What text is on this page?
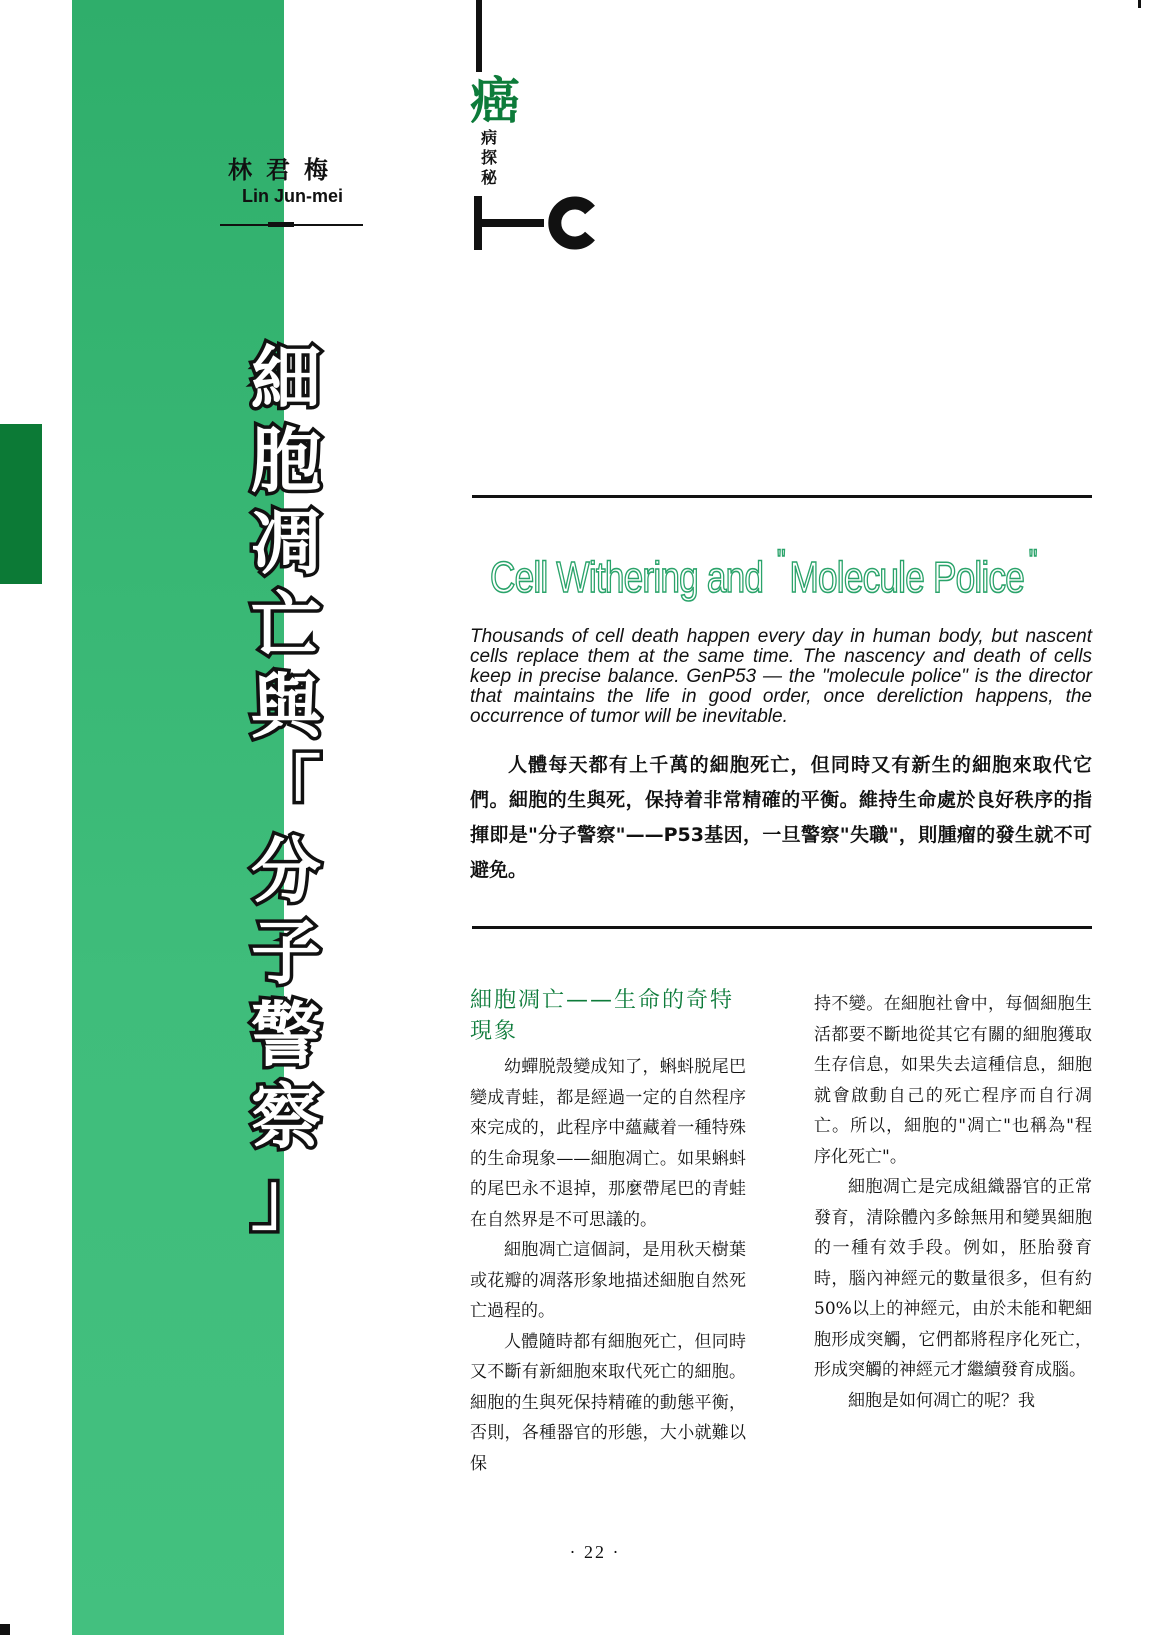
林君梅
Lin Jun-mei
細
胞
凋
亡
與
「
分
子
警
察
」
癌
病探秘
Cell Withering and " Molecule Police "

Thousands of cell death happen every day in human body, but nascent cells replace them at the same time. The nascency and death of cells keep in precise balance. GenP53 — the "molecule police" is the director that maintains the life in good order, once dereliction happens, the occurrence of tumor will be inevitable.

人體每天都有上千萬的細胞死亡，但同時又有新生的細胞來取代它們。細胞的生與死，保持着非常精確的平衡。維持生命處於良好秩序的指揮即是"分子警察"——P53基因，一旦警察"失職"，則腫瘤的發生就不可避免。

細胞凋亡——生命的奇特現象

幼蟬脱殼變成知了，蝌蚪脱尾巴變成青蛙，都是經過一定的自然程序來完成的，此程序中蘊藏着一種特殊的生命現象——細胞凋亡。如果蝌蚪的尾巴永不退掉，那麼帶尾巴的青蛙在自然界是不可思議的。

細胞凋亡這個詞，是用秋天樹葉或花瓣的凋落形象地描述細胞自然死亡過程的。

人體隨時都有細胞死亡，但同時又不斷有新細胞來取代死亡的細胞。細胞的生與死保持精確的動態平衡，否則，各種器官的形態，大小就難以保

持不變。在細胞社會中，每個細胞生活都要不斷地從其它有關的細胞獲取生存信息，如果失去這種信息，細胞就會啟動自己的死亡程序而自行凋亡。所以，細胞的"凋亡"也稱為"程序化死亡"。

細胞凋亡是完成組織器官的正常發育，清除體內多餘無用和變異細胞的一種有效手段。例如，胚胎發育時，腦內神經元的數量很多，但有約50%以上的神經元，由於未能和靶細胞形成突觸，它們都將程序化死亡，形成突觸的神經元才繼續發育成腦。

細胞是如何凋亡的呢？我

· 22 ·
